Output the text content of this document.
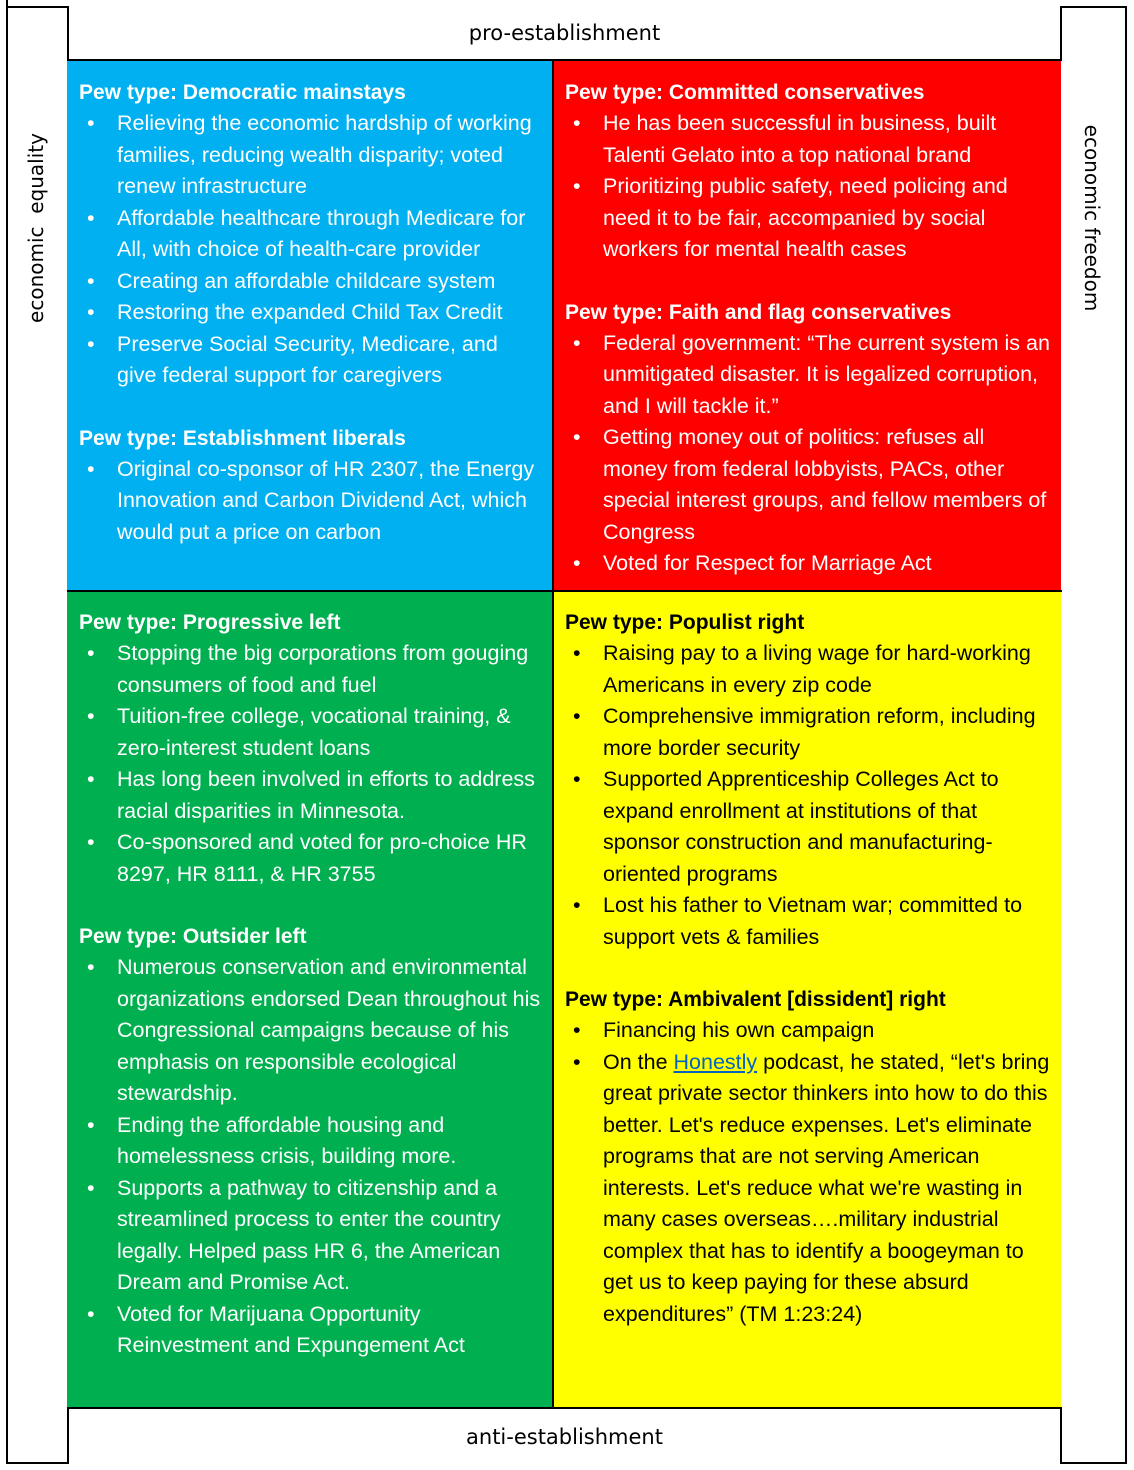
pro-establishment
anti-establishment
economic  equality	economic freedom

Pew type: Democratic mainstays

• Relieving the economic hardship of working families, reducing wealth disparity; voted renew infrastructure
• Affordable healthcare through Medicare for All, with choice of health-care provider
• Creating an affordable childcare system
• Restoring the expanded Child Tax Credit
• Preserve Social Security, Medicare, and give federal support for caregivers

Pew type: Establishment liberals

• Original co-sponsor of HR 2307, the Energy Innovation and Carbon Dividend Act, which would put a price on carbon

Pew type: Committed conservatives

• He has been successful in business, built Talenti Gelato into a top national brand
• Prioritizing public safety, need policing and need it to be fair, accompanied by social workers for mental health cases

Pew type: Faith and flag conservatives

• Federal government: “The current system is an unmitigated disaster. It is legalized corruption, and I will tackle it.”
• Getting money out of politics: refuses all money from federal lobbyists, PACs, other special interest groups, and fellow members of Congress
• Voted for Respect for Marriage Act

Pew type: Progressive left

• Stopping the big corporations from gouging consumers of food and fuel
• Tuition-free college, vocational training, & zero-interest student loans
• Has long been involved in efforts to address racial disparities in Minnesota.
• Co-sponsored and voted for pro-choice HR 8297, HR 8111, & HR 3755

Pew type: Outsider left

• Numerous conservation and environmental organizations endorsed Dean throughout his Congressional campaigns because of his emphasis on responsible ecological stewardship.
• Ending the affordable housing and homelessness crisis, building more.
• Supports a pathway to citizenship and a streamlined process to enter the country legally. Helped pass HR 6, the American Dream and Promise Act.
• Voted for Marijuana Opportunity Reinvestment and Expungement Act

Pew type: Populist right

• Raising pay to a living wage for hard-working Americans in every zip code
• Comprehensive immigration reform, including more border security
• Supported Apprenticeship Colleges Act to expand enrollment at institutions of that sponsor construction and manufacturing-oriented programs
• Lost his father to Vietnam war; committed to support vets & families

Pew type: Ambivalent [dissident] right

• Financing his own campaign
• On the Honestly podcast, he stated, “let's bring great private sector thinkers into how to do this better. Let's reduce expenses. Let's eliminate programs that are not serving American interests. Let's reduce what we're wasting in many cases overseas….military industrial complex that has to identify a boogeyman to get us to keep paying for these absurd expenditures” (TM 1:23:24)
